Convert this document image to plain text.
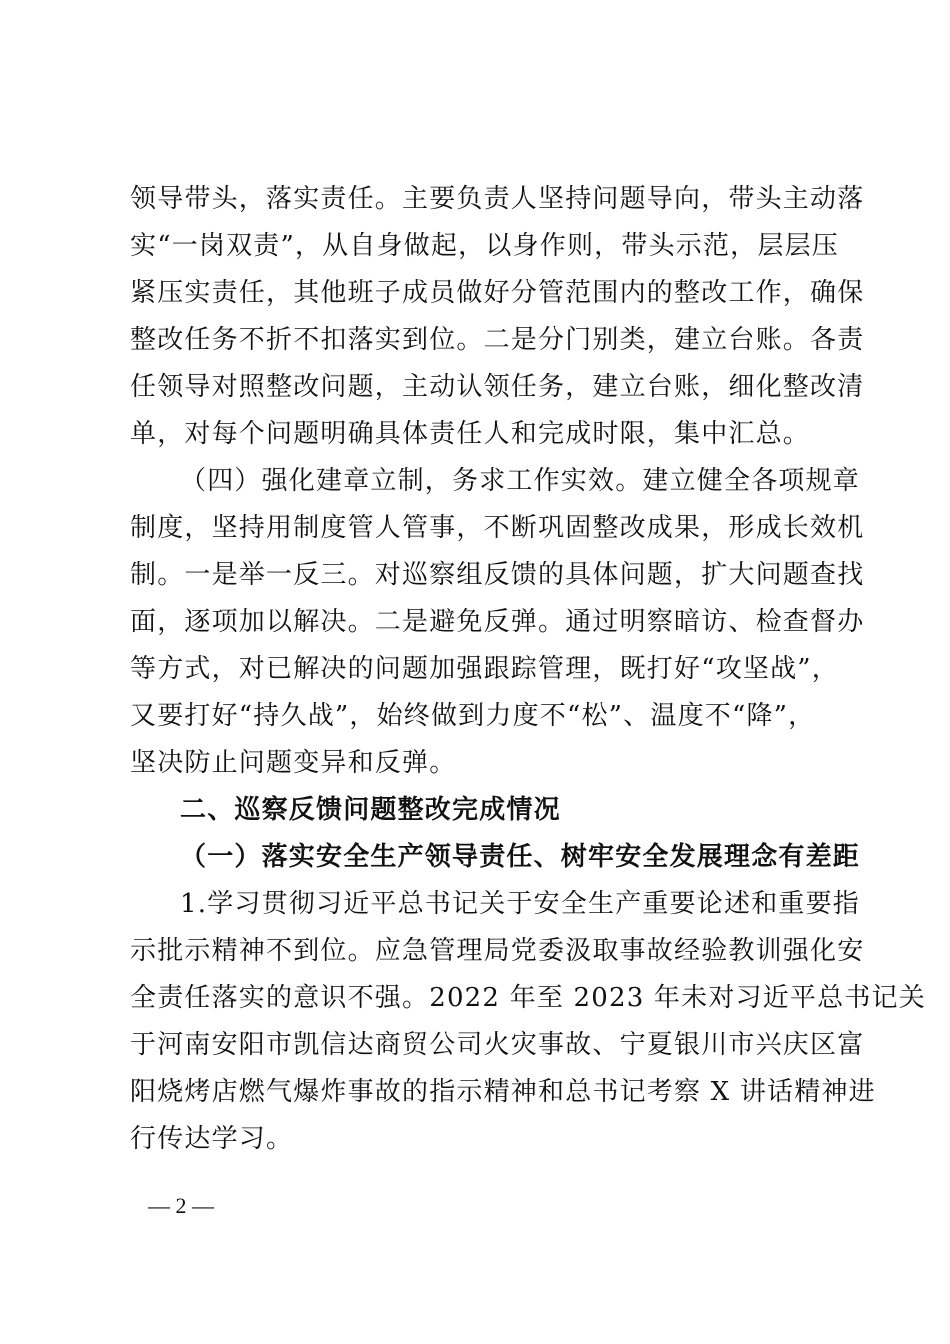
领导带头，落实责任。主要负责人坚持问题导向，带头主动落
实“一岗双责”，从自身做起，以身作则，带头示范，层层压
紧压实责任，其他班子成员做好分管范围内的整改工作，确保
整改任务不折不扣落实到位。二是分门别类，建立台账。各责
任领导对照整改问题，主动认领任务，建立台账，细化整改清
单，对每个问题明确具体责任人和完成时限，集中汇总。
（四）强化建章立制，务求工作实效。建立健全各项规章
制度，坚持用制度管人管事，不断巩固整改成果，形成长效机
制。一是举一反三。对巡察组反馈的具体问题，扩大问题查找
面，逐项加以解决。二是避免反弹。通过明察暗访、检查督办
等方式，对已解决的问题加强跟踪管理，既打好“攻坚战”，
又要打好“持久战”，始终做到力度不“松”、温度不“降”，
坚决防止问题变异和反弹。
二、巡察反馈问题整改完成情况
（一）落实安全生产领导责任、树牢安全发展理念有差距
1.学习贯彻习近平总书记关于安全生产重要论述和重要指
示批示精神不到位。应急管理局党委汲取事故经验教训强化安
全责任落实的意识不强。2022 年至 2023 年未对习近平总书记关
于河南安阳市凯信达商贸公司火灾事故、宁夏银川市兴庆区富
阳烧烤店燃气爆炸事故的指示精神和总书记考察 X 讲话精神进
行传达学习。
— 2 —
